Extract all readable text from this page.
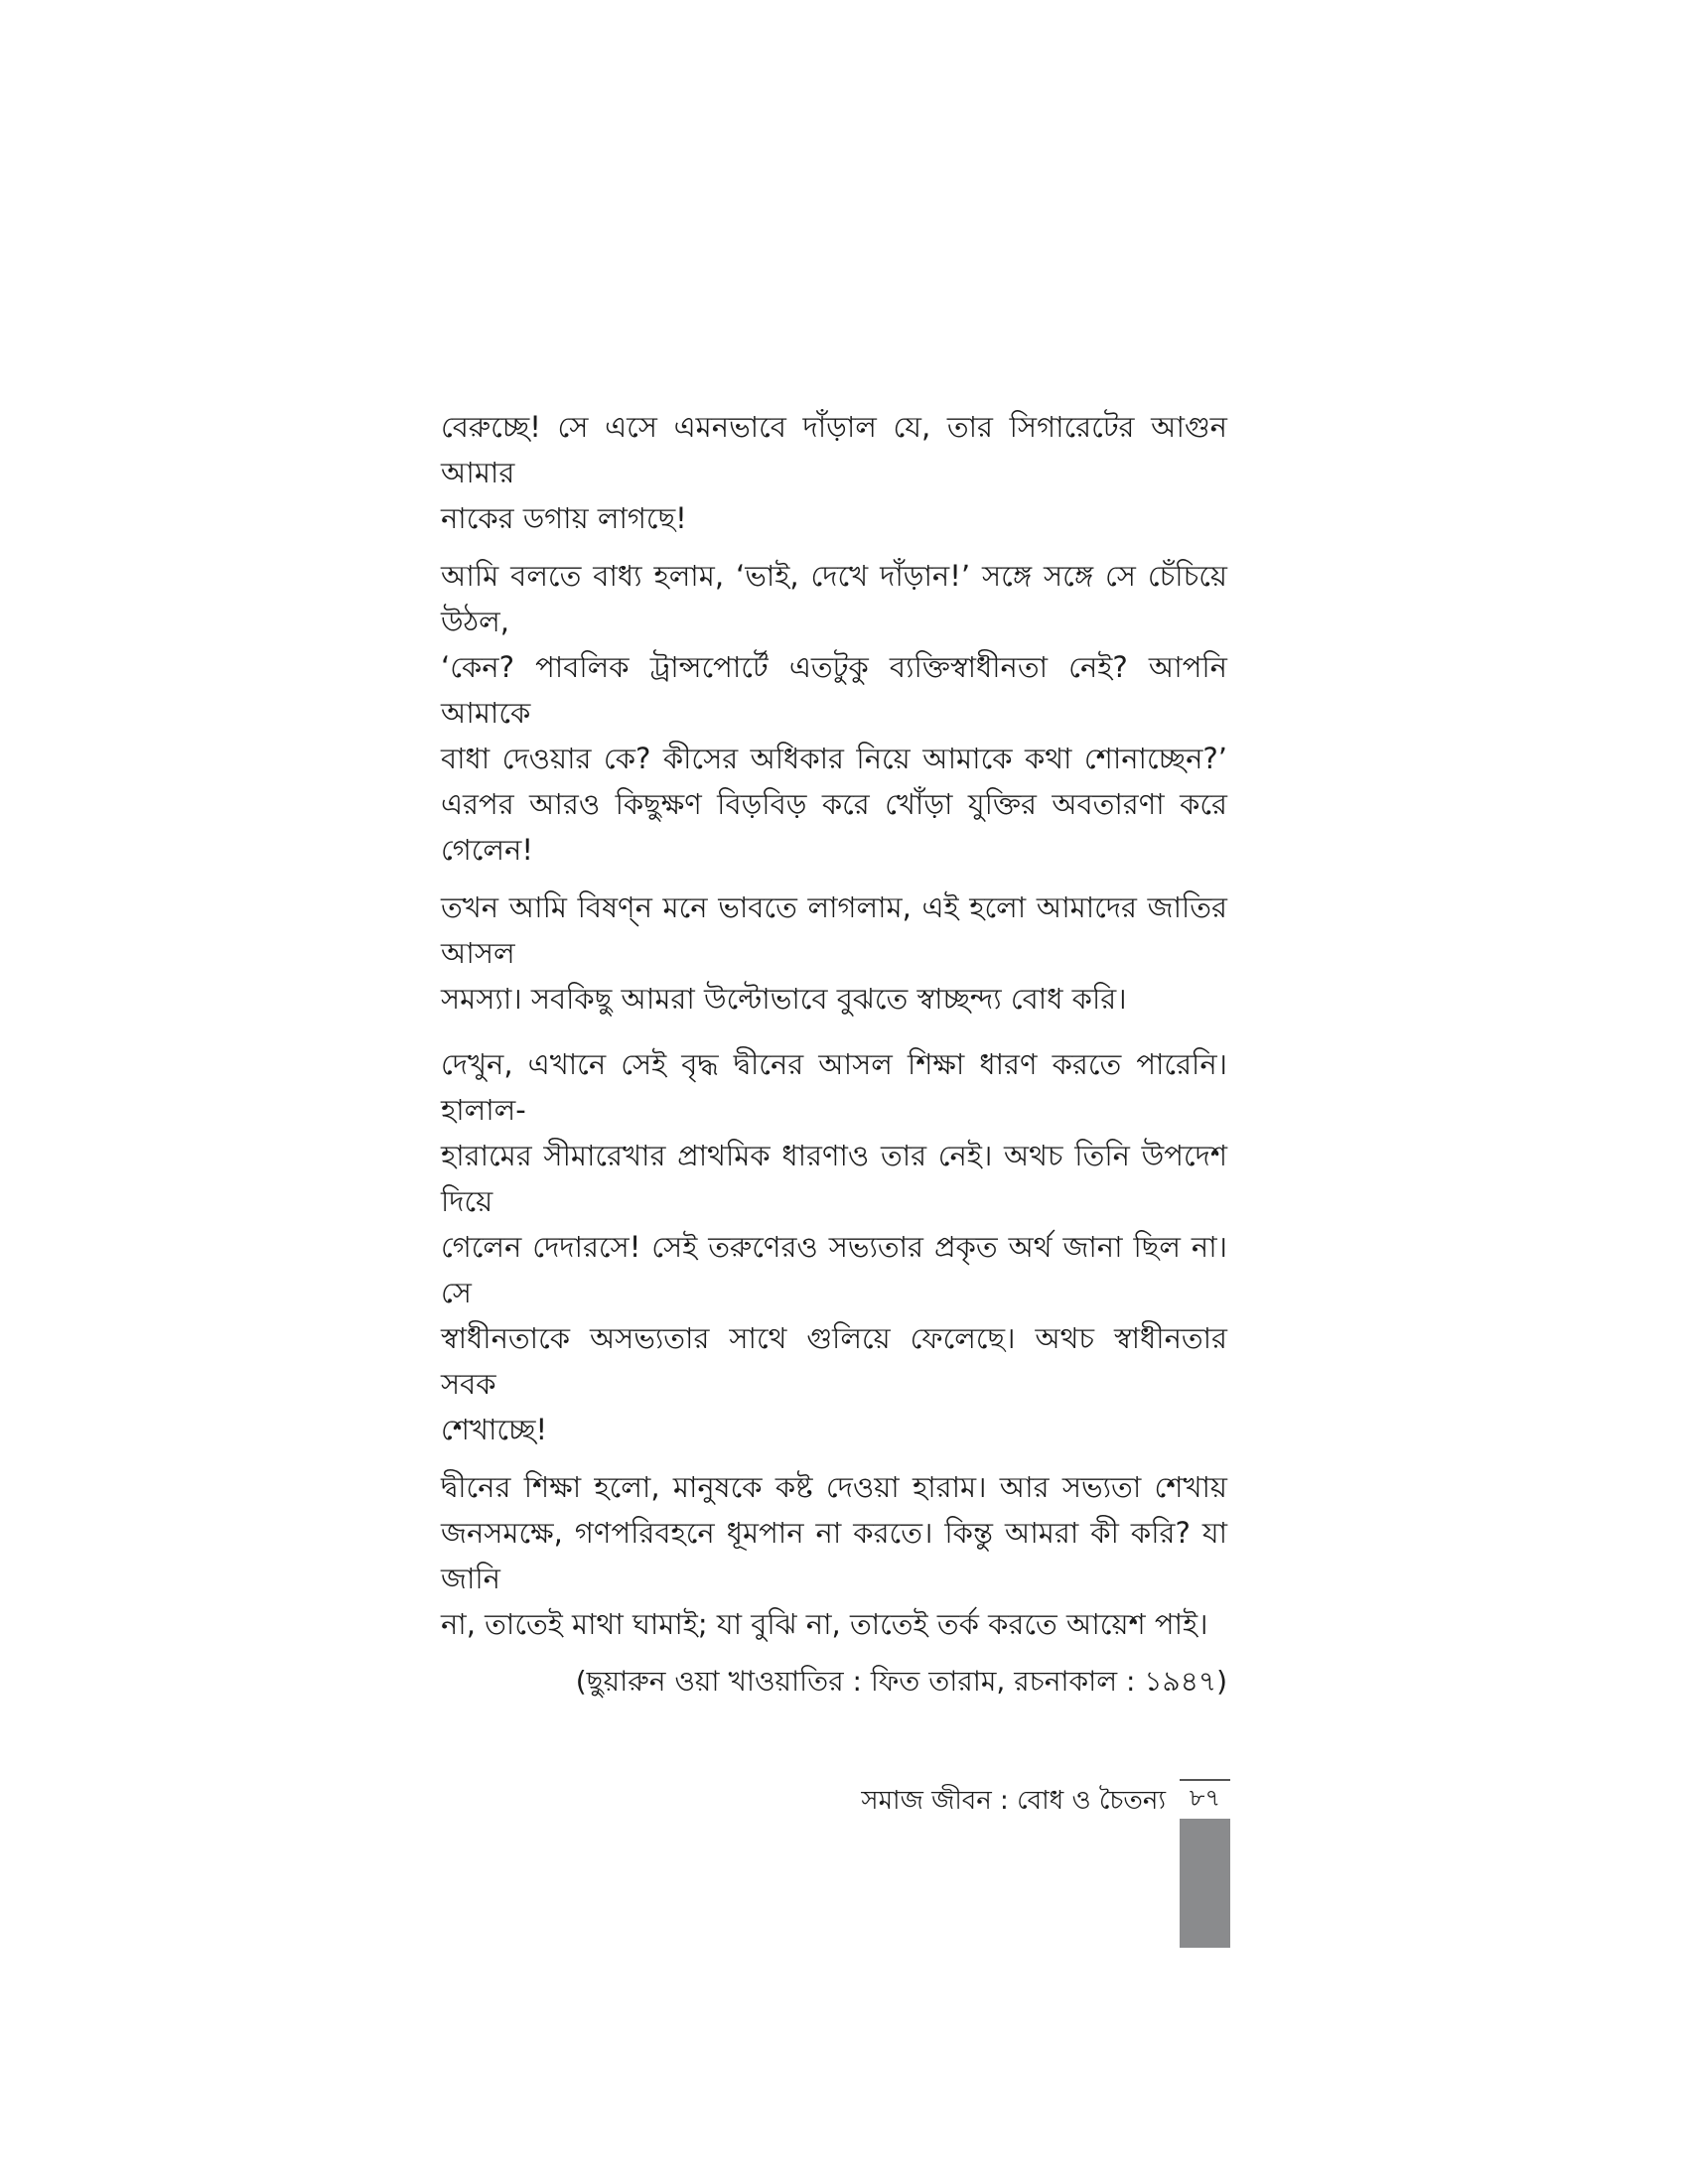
বেরুচ্ছে! সে এসে এমনভাবে দাঁড়াল যে, তার সিগারেটের আগুন আমার
নাকের ডগায় লাগছে!
আমি বলতে বাধ্য হলাম, ‘ভাই, দেখে দাঁড়ান!’ সঙ্গে সঙ্গে সে চেঁচিয়ে উঠল,
‘কেন? পাবলিক ট্রান্সপোর্টে এতটুকু ব্যক্তিস্বাধীনতা নেই? আপনি আমাকে
বাধা দেওয়ার কে? কীসের অধিকার নিয়ে আমাকে কথা শোনাচ্ছেন?’
এরপর আরও কিছুক্ষণ বিড়বিড় করে খোঁড়া যুক্তির অবতারণা করে গেলেন!
তখন আমি বিষণ্ন মনে ভাবতে লাগলাম, এই হলো আমাদের জাতির আসল
সমস্যা। সবকিছু আমরা উল্টোভাবে বুঝতে স্বাচ্ছন্দ্য বোধ করি।
দেখুন, এখানে সেই বৃদ্ধ দ্বীনের আসল শিক্ষা ধারণ করতে পারেনি। হালাল-
হারামের সীমারেখার প্রাথমিক ধারণাও তার নেই। অথচ তিনি উপদেশ দিয়ে
গেলেন দেদারসে! সেই তরুণেরও সভ্যতার প্রকৃত অর্থ জানা ছিল না। সে
স্বাধীনতাকে অসভ্যতার সাথে গুলিয়ে ফেলেছে। অথচ স্বাধীনতার সবক
শেখাচ্ছে!
দ্বীনের শিক্ষা হলো, মানুষকে কষ্ট দেওয়া হারাম। আর সভ্যতা শেখায়
জনসমক্ষে, গণপরিবহনে ধূমপান না করতে। কিন্তু আমরা কী করি? যা জানি
না, তাতেই মাথা ঘামাই; যা বুঝি না, তাতেই তর্ক করতে আয়েশ পাই।
(ছুয়ারুন ওয়া খাওয়াতির : ফিত তারাম, রচনাকাল : ১৯৪৭)
সমাজ জীবন : বোধ ও চৈতন্য ৮৭
